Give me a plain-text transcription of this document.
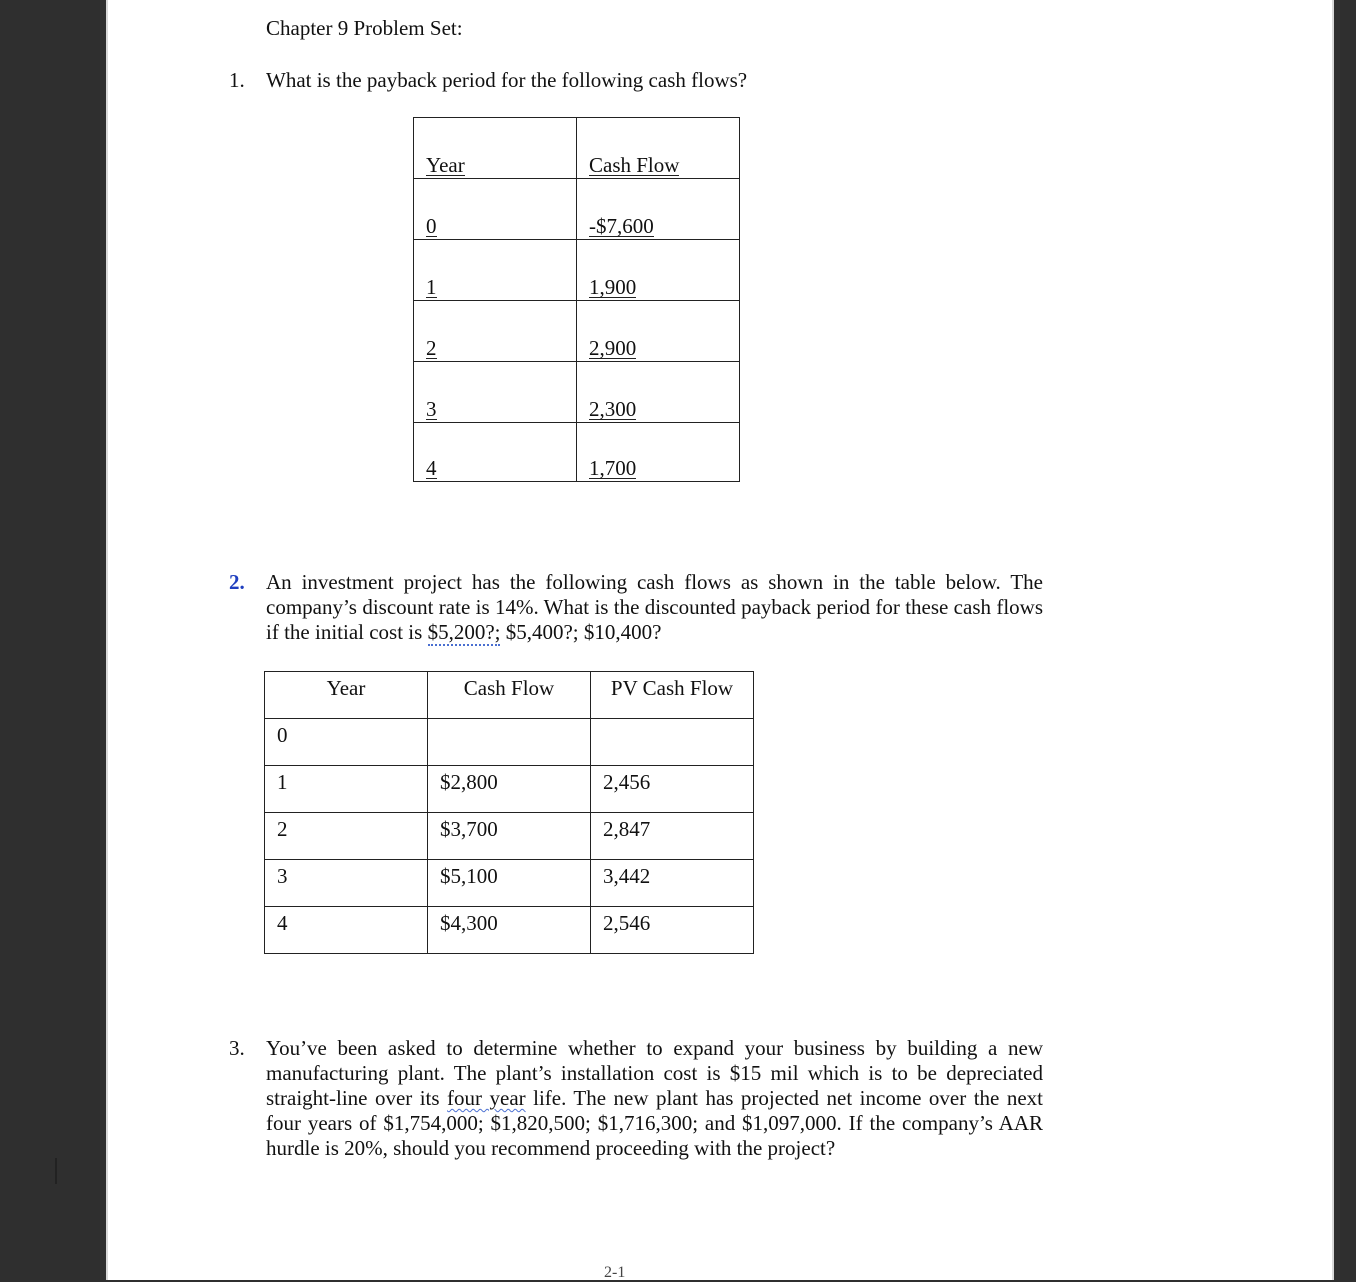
Chapter 9 Problem Set:
1. What is the payback period for the following cash flows?
Year	Cash Flow
0	-$7,600
1	1,900
2	2,900
3	2,300
4	1,700
2. An investment project has the following cash flows as shown in the table below. The company’s discount rate is 14%. What is the discounted payback period for these cash flows if the initial cost is $5,200?; $5,400?; $10,400?
Year	Cash Flow	PV Cash Flow
0		
1	$2,800	2,456
2	$3,700	2,847
3	$5,100	3,442
4	$4,300	2,546
3. You’ve been asked to determine whether to expand your business by building a new manufacturing plant. The plant’s installation cost is $15 mil which is to be depreciated straight-line over its four year life. The new plant has projected net income over the next four years of $1,754,000; $1,820,500; $1,716,300; and $1,097,000. If the company’s AAR hurdle is 20%, should you recommend proceeding with the project?
2-1
